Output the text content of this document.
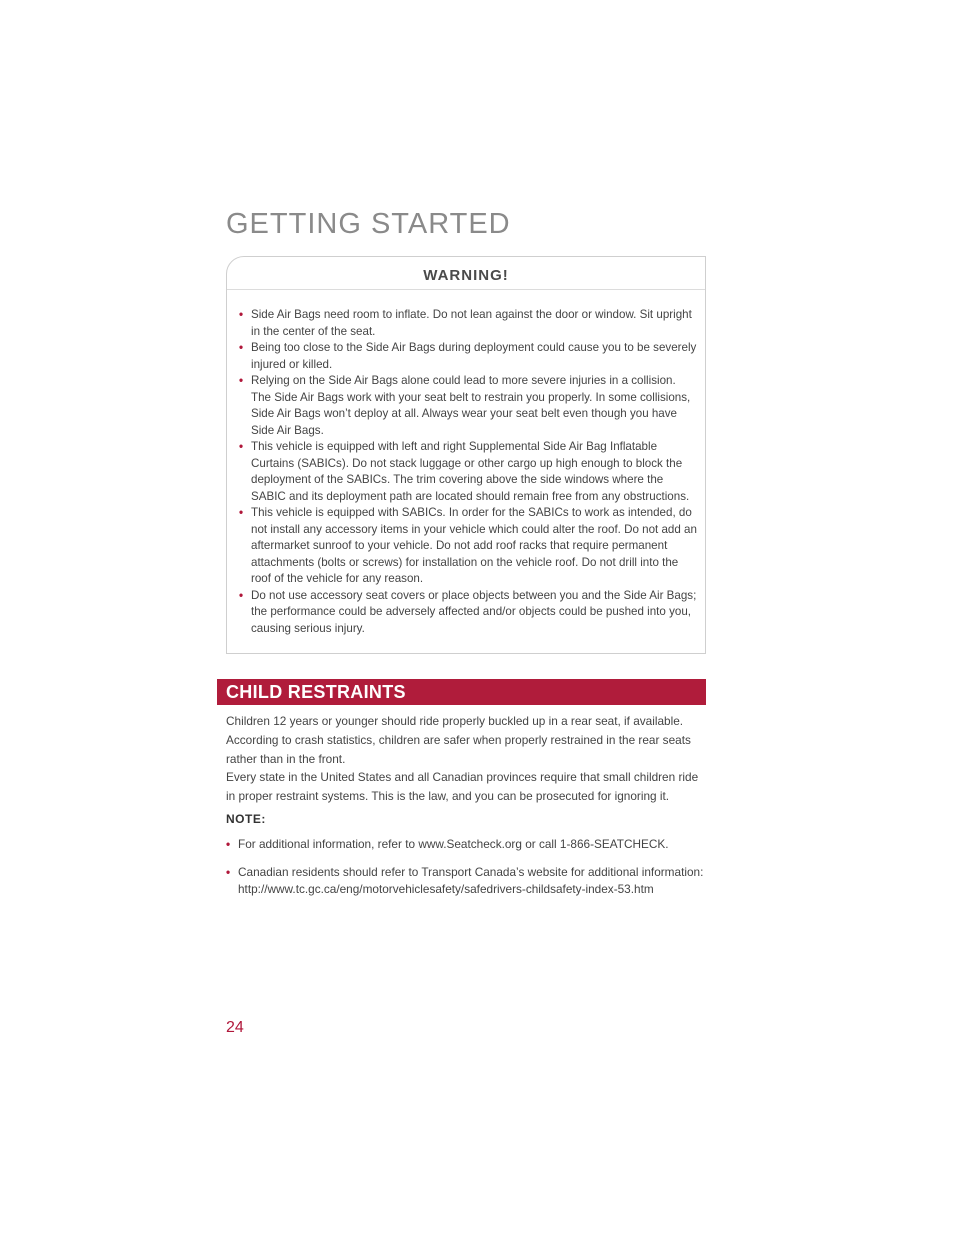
GETTING STARTED
WARNING!
• Side Air Bags need room to inflate. Do not lean against the door or window. Sit upright in the center of the seat.
• Being too close to the Side Air Bags during deployment could cause you to be severely injured or killed.
• Relying on the Side Air Bags alone could lead to more severe injuries in a collision. The Side Air Bags work with your seat belt to restrain you properly. In some collisions, Side Air Bags won’t deploy at all. Always wear your seat belt even though you have Side Air Bags.
• This vehicle is equipped with left and right Supplemental Side Air Bag Inflatable Curtains (SABICs). Do not stack luggage or other cargo up high enough to block the deployment of the SABICs. The trim covering above the side windows where the SABIC and its deployment path are located should remain free from any obstructions.
• This vehicle is equipped with SABICs. In order for the SABICs to work as intended, do not install any accessory items in your vehicle which could alter the roof. Do not add an aftermarket sunroof to your vehicle. Do not add roof racks that require permanent attachments (bolts or screws) for installation on the vehicle roof. Do not drill into the roof of the vehicle for any reason.
• Do not use accessory seat covers or place objects between you and the Side Air Bags; the performance could be adversely affected and/or objects could be pushed into you, causing serious injury.
CHILD RESTRAINTS

Children 12 years or younger should ride properly buckled up in a rear seat, if available. According to crash statistics, children are safer when properly restrained in the rear seats rather than in the front.

Every state in the United States and all Canadian provinces require that small children ride in proper restraint systems. This is the law, and you can be prosecuted for ignoring it.

NOTE:
• For additional information, refer to www.Seatcheck.org or call 1-866-SEATCHECK.
• Canadian residents should refer to Transport Canada’s website for additional information: http://www.tc.gc.ca/eng/motorvehiclesafety/safedrivers-childsafety-index-53.htm
24
